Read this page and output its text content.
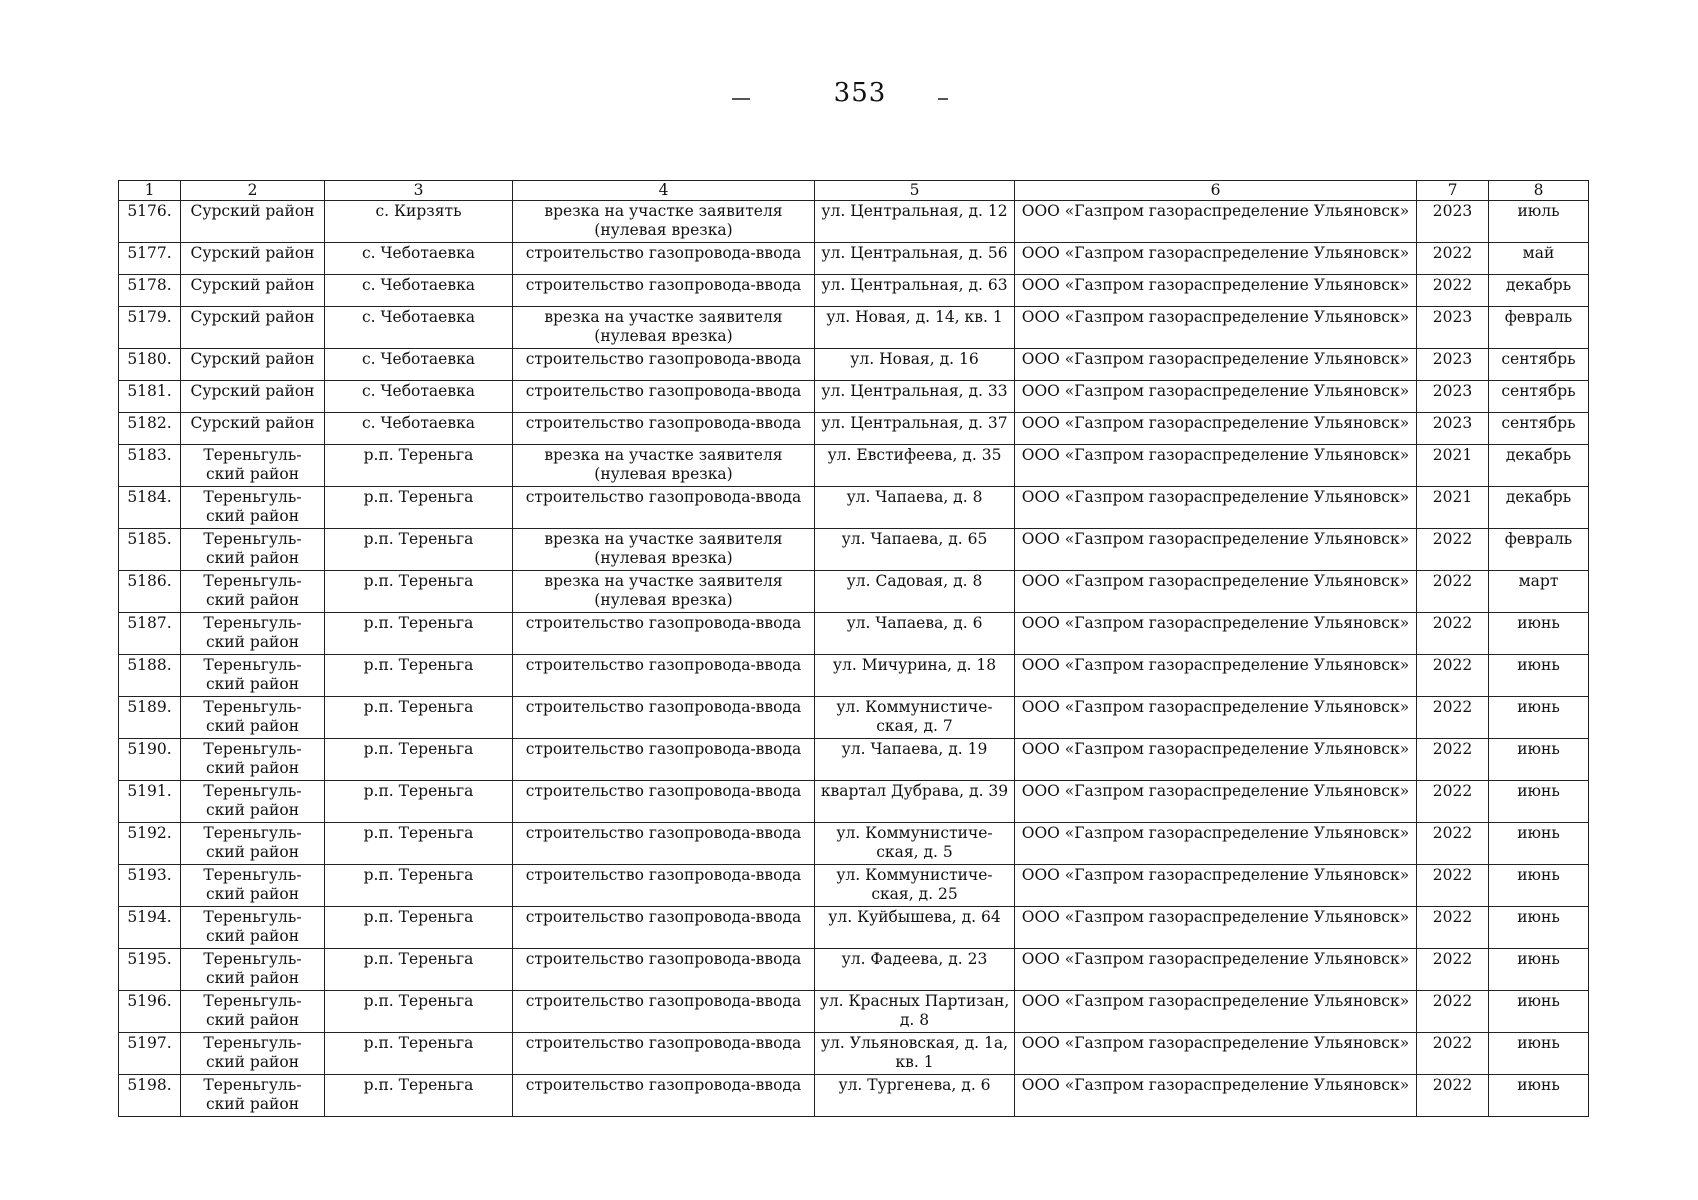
353
1	2	3	4	5	6	7	8
5176.	Сурский район	с. Кирзять	врезка на участке заявителя (нулевая врезка)	ул. Центральная, д. 12	ООО «Газпром газораспределение Ульяновск»	2023	июль
5177.	Сурский район	с. Чеботаевка	строительство газопровода-ввода	ул. Центральная, д. 56	ООО «Газпром газораспределение Ульяновск»	2022	май
5178.	Сурский район	с. Чеботаевка	строительство газопровода-ввода	ул. Центральная, д. 63	ООО «Газпром газораспределение Ульяновск»	2022	декабрь
5179.	Сурский район	с. Чеботаевка	врезка на участке заявителя (нулевая врезка)	ул. Новая, д. 14, кв. 1	ООО «Газпром газораспределение Ульяновск»	2023	февраль
5180.	Сурский район	с. Чеботаевка	строительство газопровода-ввода	ул. Новая, д. 16	ООО «Газпром газораспределение Ульяновск»	2023	сентябрь
5181.	Сурский район	с. Чеботаевка	строительство газопровода-ввода	ул. Центральная, д. 33	ООО «Газпром газораспределение Ульяновск»	2023	сентябрь
5182.	Сурский район	с. Чеботаевка	строительство газопровода-ввода	ул. Центральная, д. 37	ООО «Газпром газораспределение Ульяновск»	2023	сентябрь
5183.	Тереньгуль-ский район	р.п. Тереньга	врезка на участке заявителя (нулевая врезка)	ул. Евстифеева, д. 35	ООО «Газпром газораспределение Ульяновск»	2021	декабрь
5184.	Тереньгуль-ский район	р.п. Тереньга	строительство газопровода-ввода	ул. Чапаева, д. 8	ООО «Газпром газораспределение Ульяновск»	2021	декабрь
5185.	Тереньгуль-ский район	р.п. Тереньга	врезка на участке заявителя (нулевая врезка)	ул. Чапаева, д. 65	ООО «Газпром газораспределение Ульяновск»	2022	февраль
5186.	Тереньгуль-ский район	р.п. Тереньга	врезка на участке заявителя (нулевая врезка)	ул. Садовая, д. 8	ООО «Газпром газораспределение Ульяновск»	2022	март
5187.	Тереньгуль-ский район	р.п. Тереньга	строительство газопровода-ввода	ул. Чапаева, д. 6	ООО «Газпром газораспределение Ульяновск»	2022	июнь
5188.	Тереньгуль-ский район	р.п. Тереньга	строительство газопровода-ввода	ул. Мичурина, д. 18	ООО «Газпром газораспределение Ульяновск»	2022	июнь
5189.	Тереньгуль-ский район	р.п. Тереньга	строительство газопровода-ввода	ул. Коммунистиче-ская, д. 7	ООО «Газпром газораспределение Ульяновск»	2022	июнь
5190.	Тереньгуль-ский район	р.п. Тереньга	строительство газопровода-ввода	ул. Чапаева, д. 19	ООО «Газпром газораспределение Ульяновск»	2022	июнь
5191.	Тереньгуль-ский район	р.п. Тереньга	строительство газопровода-ввода	квартал Дубрава, д. 39	ООО «Газпром газораспределение Ульяновск»	2022	июнь
5192.	Тереньгуль-ский район	р.п. Тереньга	строительство газопровода-ввода	ул. Коммунистиче-ская, д. 5	ООО «Газпром газораспределение Ульяновск»	2022	июнь
5193.	Тереньгуль-ский район	р.п. Тереньга	строительство газопровода-ввода	ул. Коммунистиче-ская, д. 25	ООО «Газпром газораспределение Ульяновск»	2022	июнь
5194.	Тереньгуль-ский район	р.п. Тереньга	строительство газопровода-ввода	ул. Куйбышева, д. 64	ООО «Газпром газораспределение Ульяновск»	2022	июнь
5195.	Тереньгуль-ский район	р.п. Тереньга	строительство газопровода-ввода	ул. Фадеева, д. 23	ООО «Газпром газораспределение Ульяновск»	2022	июнь
5196.	Тереньгуль-ский район	р.п. Тереньга	строительство газопровода-ввода	ул. Красных Партизан, д. 8	ООО «Газпром газораспределение Ульяновск»	2022	июнь
5197.	Тереньгуль-ский район	р.п. Тереньга	строительство газопровода-ввода	ул. Ульяновская, д. 1а, кв. 1	ООО «Газпром газораспределение Ульяновск»	2022	июнь
5198.	Тереньгуль-ский район	р.п. Тереньга	строительство газопровода-ввода	ул. Тургенева, д. 6	ООО «Газпром газораспределение Ульяновск»	2022	июнь
